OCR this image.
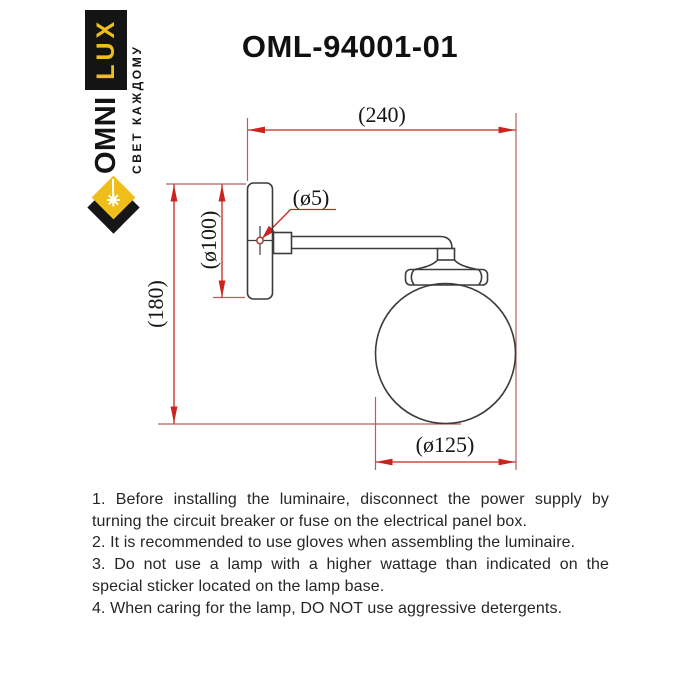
OMNI
LUX СВЕТ КАЖДОМУ	OML-94001-01
(240)
(ø5)
(ø100)
(180)
(ø125)
1. Before installing the luminaire, disconnect the power supply by
turning the circuit breaker or fuse on the electrical panel box.
2. It is recommended to use gloves when assembling the luminaire.
3. Do not use a lamp with a higher wattage than indicated on the
special sticker located on the lamp base.
4. When caring for the lamp, DO NOT use aggressive detergents.
